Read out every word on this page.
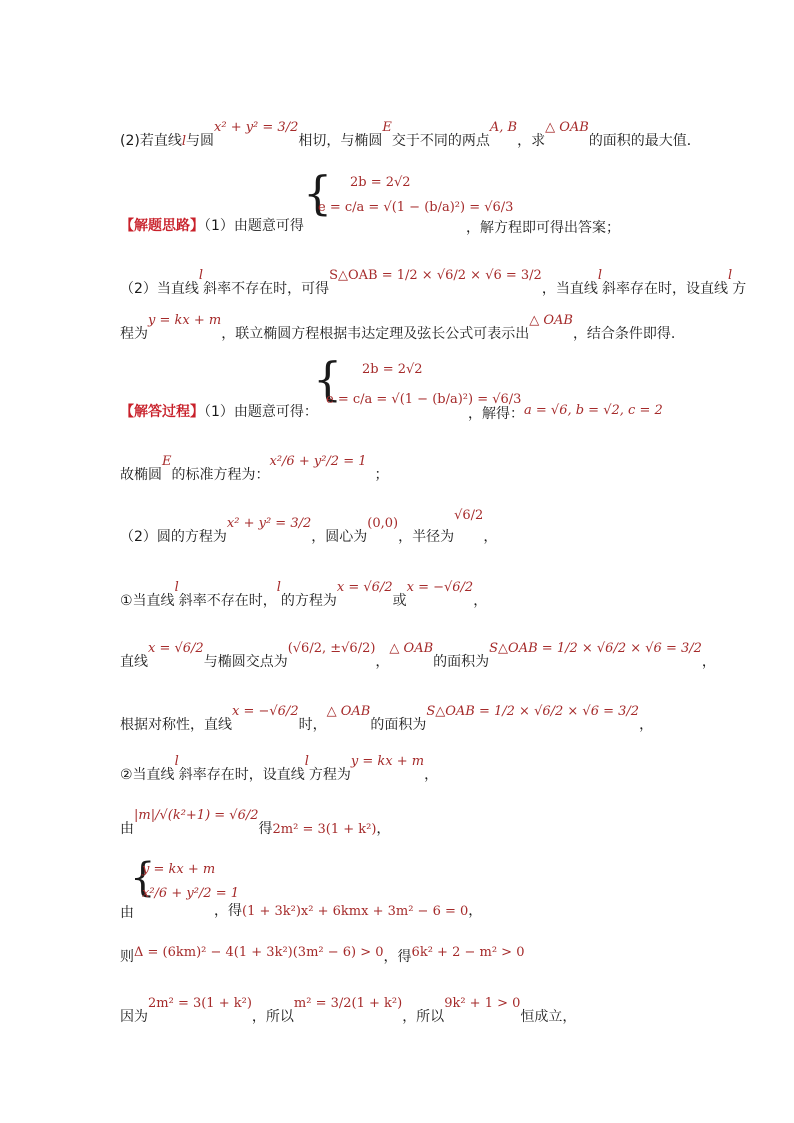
(2)若直线l与圆x² + y² = 3/2相切，与椭圆E交于不同的两点A, B，求△ OAB的面积的最大值．
{ 2b = 2√2
e = c/a = √(1 − (b/a)²) = √6/3
【解题思路】（1）由题意可得	，解方程即可得出答案；
（2）当直线l斜率不存在时，可得S△OAB = 1/2 × √6/2 × √6 = 3/2，当直线l斜率存在时，设直线l方
程为y = kx + m，联立椭圆方程根据韦达定理及弦长公式可表示出△ OAB，结合条件即得.
{ 2b = 2√2
e = c/a = √(1 − (b/a)²) = √6/3
【解答过程】（1）由题意可得：	，解得：a = √6, b = √2, c = 2
故椭圆E的标准方程为：x²/6 + y²/2 = 1；
（2）圆的方程为x² + y² = 3/2，圆心为(0,0)，半径为√6/2，
①当直线l斜率不存在时，l的方程为x = √6/2或x = −√6/2，
直线x = √6/2与椭圆交点为(√6/2, ±√6/2)，△ OAB的面积为S△OAB = 1/2 × √6/2 × √6 = 3/2，
根据对称性，直线x = −√6/2时，△ OAB的面积为S△OAB = 1/2 × √6/2 × √6 = 3/2，
②当直线l斜率存在时，设直线l方程为y = kx + m，
由|m|/√(k²+1) = √6/2得2m² = 3(1 + k²)，
{
y = kx + m
x²/6 + y²/2 = 1
由	，得(1 + 3k²)x² + 6kmx + 3m² − 6 = 0，
则Δ = (6km)² − 4(1 + 3k²)(3m² − 6) > 0，得6k² + 2 − m² > 0
因为2m² = 3(1 + k²)，所以m² = 3/2(1 + k²)，所以9k² + 1 > 0恒成立，
